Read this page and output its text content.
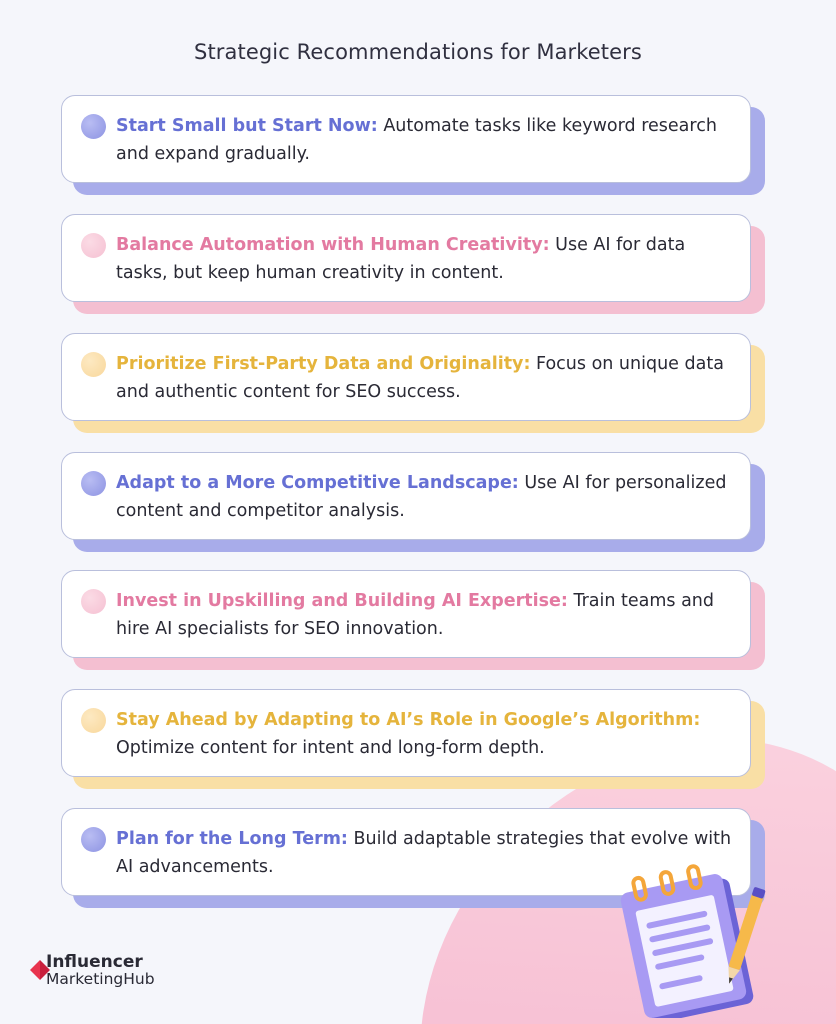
Strategic Recommendations for Marketers
Start Small but Start Now: Automate tasks like keyword research and expand gradually.
Balance Automation with Human Creativity: Use AI for data tasks, but keep human creativity in content.
Prioritize First-Party Data and Originality: Focus on unique data and authentic content for SEO success.
Adapt to a More Competitive Landscape: Use AI for personalized content and competitor analysis.
Invest in Upskilling and Building AI Expertise: Train teams and hire AI specialists for SEO innovation.
Stay Ahead by Adapting to AI’s Role in Google’s Algorithm: Optimize content for intent and long-form depth.
Plan for the Long Term: Build adaptable strategies that evolve with AI advancements.
Influencer
MarketingHub
